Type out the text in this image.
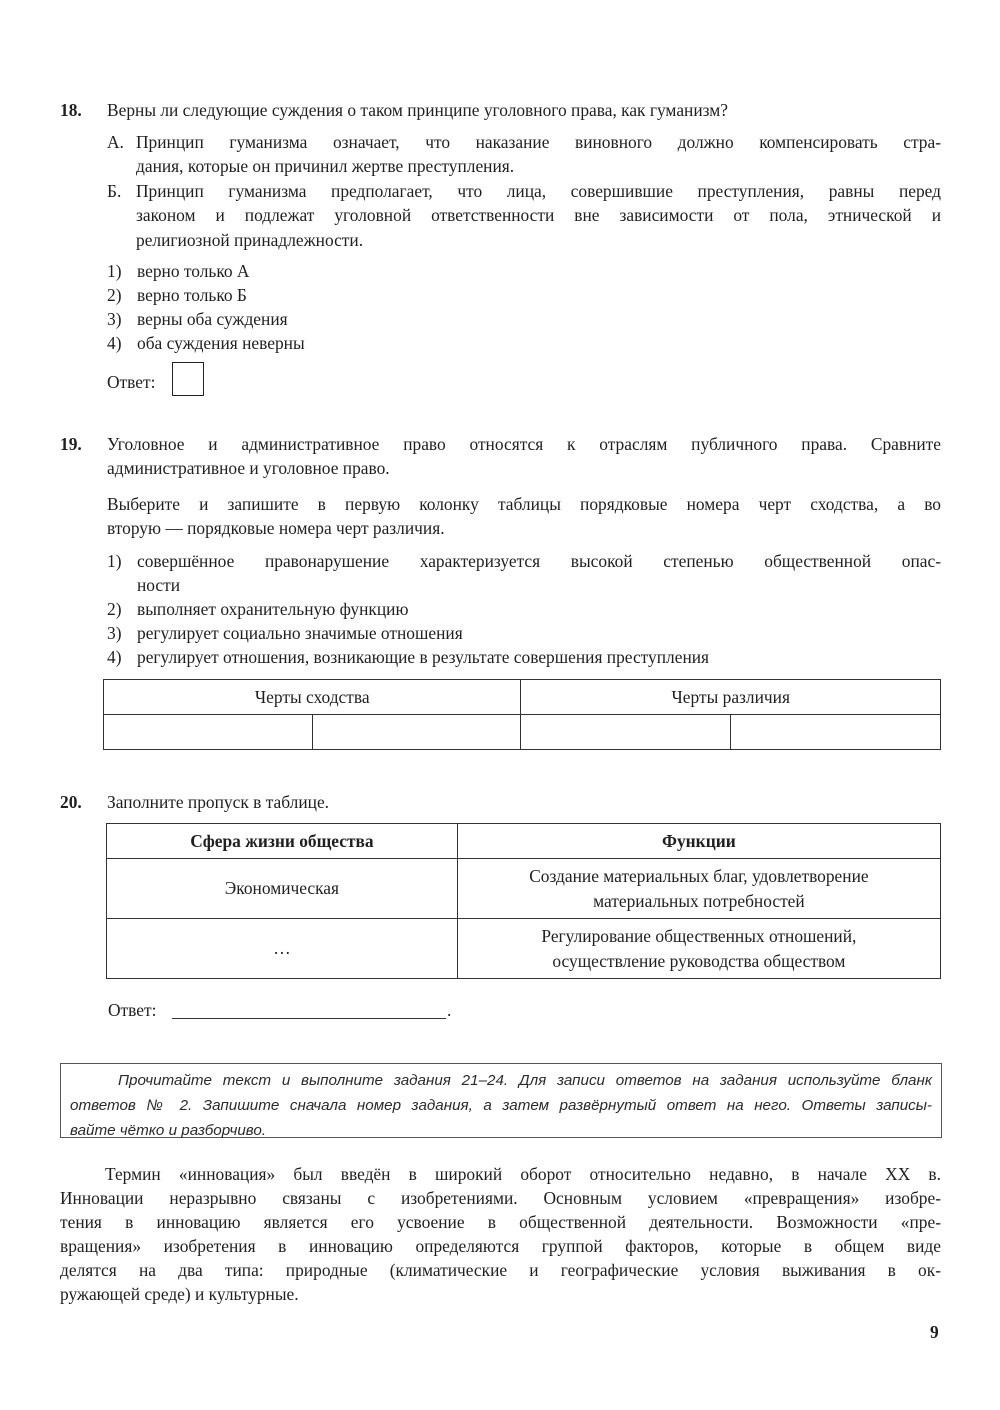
18. Верны ли следующие суждения о таком принципе уголовного права, как гуманизм?
А. Принцип гуманизма означает, что наказание виновного должно компенсировать стра-
дания, которые он причинил жертве преступления.
Б. Принцип гуманизма предполагает, что лица, совершившие преступления, равны перед
законом и подлежат уголовной ответственности вне зависимости от пола, этнической и
религиозной принадлежности.
1) верно только А
2) верно только Б
3) верны оба суждения
4) оба суждения неверны
Ответ:
19. Уголовное и административное право относятся к отраслям публичного права. Сравните
административное и уголовное право.
Выберите и запишите в первую колонку таблицы порядковые номера черт сходства, а во
вторую — порядковые номера черт различия.
1) совершённое правонарушение характеризуется высокой степенью общественной опас-
ности
2) выполняет охранительную функцию
3) регулирует социально значимые отношения
4) регулирует отношения, возникающие в результате совершения преступления
Черты сходства		Черты различия	

20. Заполните пропуск в таблице.
Сфера жизни общества	Функции
Экономическая	Создание материальных благ, удовлетворение
материальных потребностей

…	Регулирование общественных отношений,
осуществление руководства обществом
Ответ:	.
Прочитайте текст и выполните задания 21–24. Для записи ответов на задания используйте бланк
ответов № 2. Запишите сначала номер задания, а затем развёрнутый ответ на него. Ответы записы-
вайте чётко и разборчиво.
Термин «инновация» был введён в широкий оборот относительно недавно, в начале XX в.
Инновации неразрывно связаны с изобретениями. Основным условием «превращения» изобре-
тения в инновацию является его усвоение в общественной деятельности. Возможности «пре-
вращения» изобретения в инновацию определяются группой факторов, которые в общем виде
делятся на два типа: природные (климатические и географические условия выживания в ок-
ружающей среде) и культурные.
9
